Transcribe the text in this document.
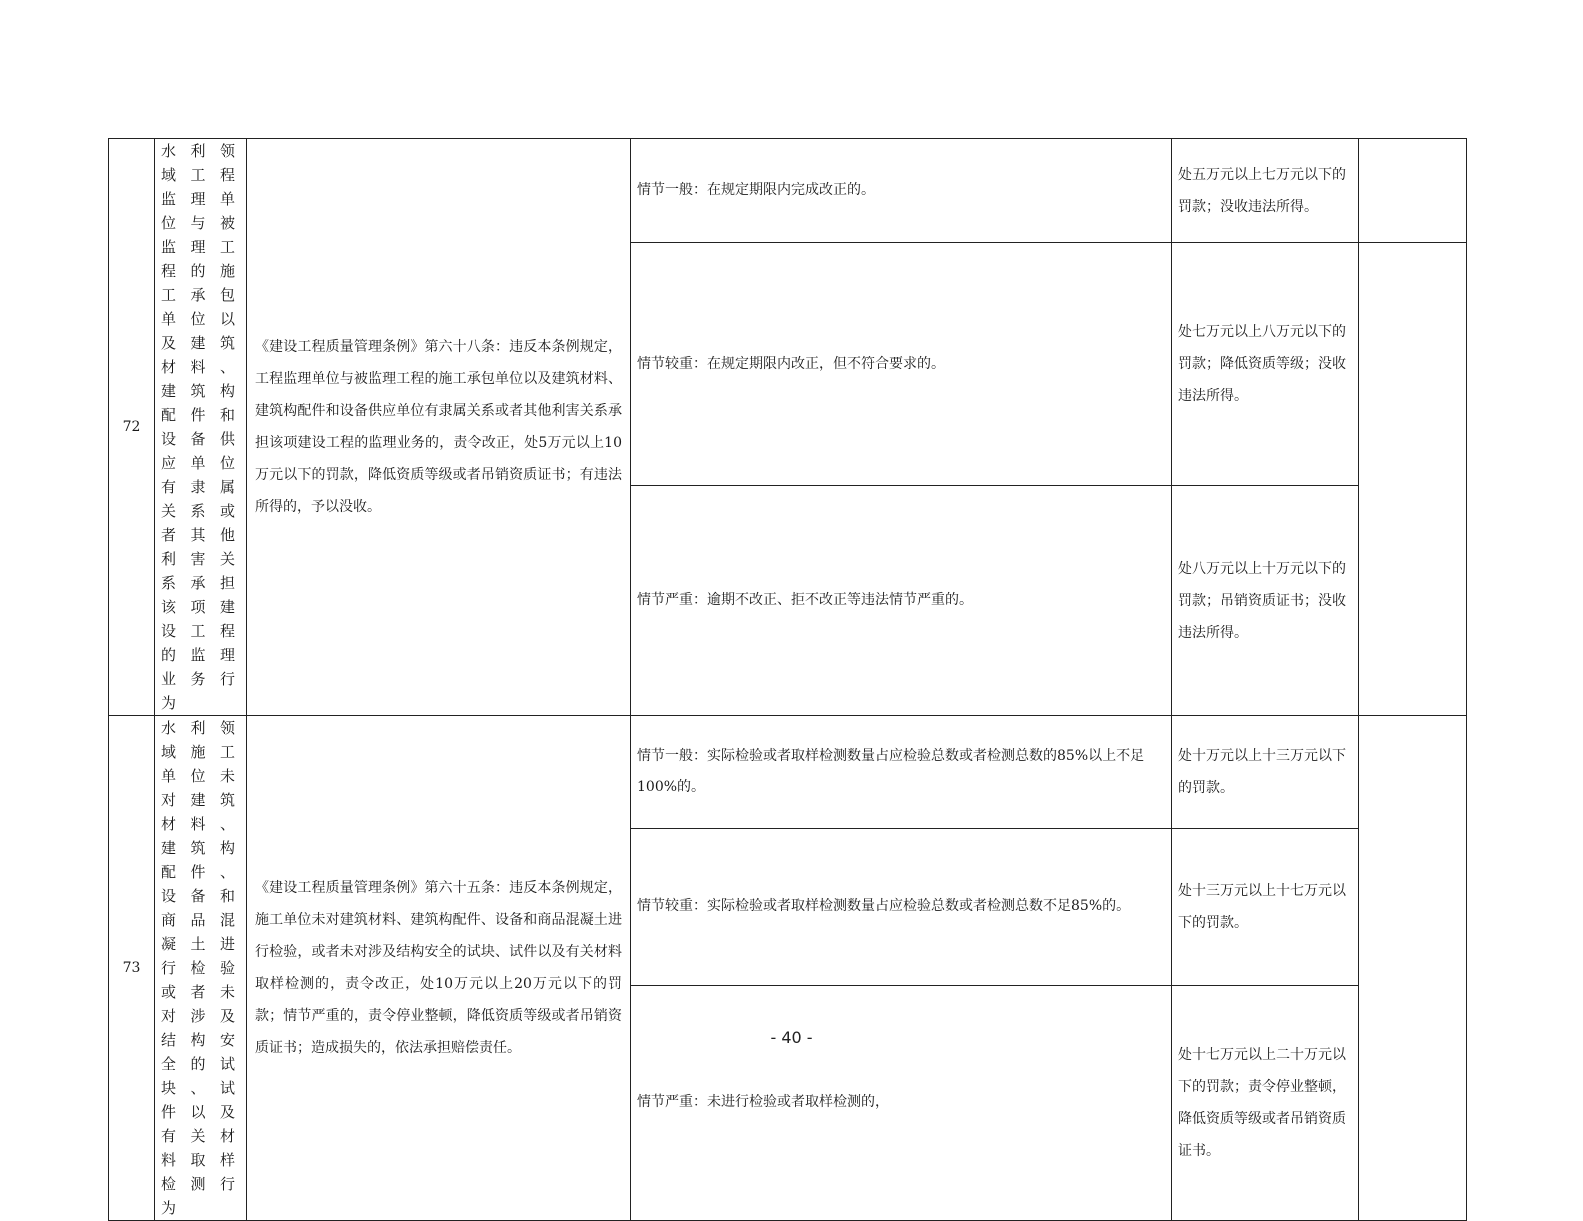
72	水利领域工程监理单位与被监理工程的施工承包单位以及建筑材料、建筑构配件和设备供应单位有隶属关系或者其他利害关系承担该项建设工程的监理业务行为	《建设工程质量管理条例》第六十八条：违反本条例规定，工程监理单位与被监理工程的施工承包单位以及建筑材料、建筑构配件和设备供应单位有隶属关系或者其他利害关系承担该项建设工程的监理业务的，责令改正，处5万元以上10万元以下的罚款，降低资质等级或者吊销资质证书；有违法所得的，予以没收。	情节一般：在规定期限内完成改正的。	处五万元以上七万元以下的罚款；没收违法所得。	
			情节较重：在规定期限内改正，但不符合要求的。	处七万元以上八万元以下的罚款；降低资质等级；没收违法所得。	
			情节严重：逾期不改正、拒不改正等违法情节严重的。	处八万元以上十万元以下的罚款；吊销资质证书；没收违法所得。	
73	水利领域施工单位未对建筑材料、建筑构配件、设备和商品混凝土进行检验或者未对涉及结构安全的试块、试件以及有关材料取样检测行为	《建设工程质量管理条例》第六十五条：违反本条例规定，施工单位未对建筑材料、建筑构配件、设备和商品混凝土进行检验，或者未对涉及结构安全的试块、试件以及有关材料取样检测的，责令改正，处10万元以上20万元以下的罚款；情节严重的，责令停业整顿，降低资质等级或者吊销资质证书；造成损失的，依法承担赔偿责任。	情节一般：实际检验或者取样检测数量占应检验总数或者检测总数的85%以上不足100%的。	处十万元以上十三万元以下的罚款。	
			情节较重：实际检验或者取样检测数量占应检验总数或者检测总数不足85%的。	处十三万元以上十七万元以下的罚款。	
			情节严重：未进行检验或者取样检测的，	处十七万元以上二十万元以下的罚款；责令停业整顿，降低资质等级或者吊销资质证书。	
- 40 -
